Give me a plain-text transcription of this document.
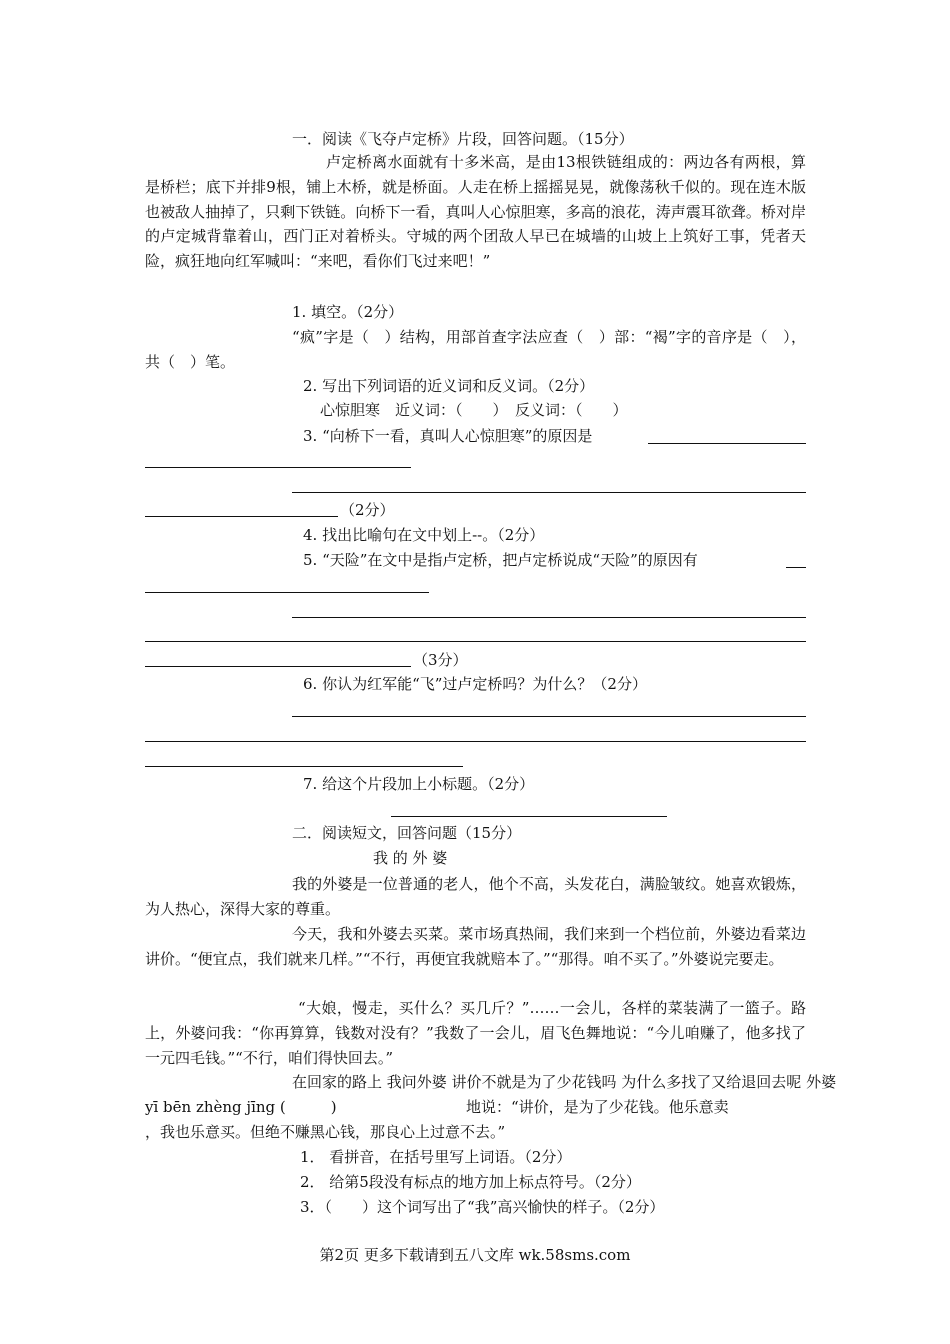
一．阅读《飞夺卢定桥》片段，回答问题。（15分）
卢定桥离水面就有十多米高，是由13根铁链组成的：两边各有两根，算是桥栏；底下并排9根，铺上木桥，就是桥面。人走在桥上摇摇晃晃，就像荡秋千似的。现在连木版也被敌人抽掉了，只剩下铁链。向桥下一看，真叫人心惊胆寒，多高的浪花，涛声震耳欲聋。桥对岸的卢定城背靠着山，西门正对着桥头。守城的两个团敌人早已在城墙的山坡上上筑好工事，凭者天险，疯狂地向红军喊叫：“来吧，看你们飞过来吧！”
1. 填空。（2分）
“疯”字是（　）结构，用部首查字法应查（　）部：“褐”字的音序是（　），共（　）笔。
2. 写出下列词语的近义词和反义词。（2分）
心惊胆寒　近义词：（　　）　反义词：（　　）
3. “向桥下一看，真叫人心惊胆寒”的原因是
（2分）
4. 找出比喻句在文中划上--。（2分）
5. “天险”在文中是指卢定桥，把卢定桥说成“天险”的原因有
（3分）
6. 你认为红军能“飞”过卢定桥吗？为什么？（2分）
7. 给这个片段加上小标题。（2分）
二．阅读短文，回答问题（15分）
我 的 外 婆
我的外婆是一位普通的老人，他个不高，头发花白，满脸皱纹。她喜欢锻炼，为人热心，深得大家的尊重。
今天，我和外婆去买菜。菜市场真热闹，我们来到一个档位前，外婆边看菜边讲价。“便宜点，我们就来几样。”“不行，再便宜我就赔本了。”“那得。咱不买了。”外婆说完要走。
“大娘，慢走，买什么？买几斤？”……一会儿，各样的菜装满了一篮子。路上，外婆问我：“你再算算，钱数对没有？”我数了一会儿，眉飞色舞地说：“今儿咱赚了，他多找了一元四毛钱。”“不行，咱们得快回去。”
在回家的路上 我问外婆 讲价不就是为了少花钱吗 为什么多找了又给退回去呢 外婆
yī bēn zhèng jīng (　　　)	地说：“讲价，是为了少花钱。他乐意卖
1． 看拼音，在括号里写上词语。（2分）
2． 给第5段没有标点的地方加上标点符号。（2分）
3．（　　）这个词写出了“我”高兴愉快的样子。（2分）
第2页 更多下载请到五八文库 wk.58sms.com
，我也乐意买。但绝不赚黑心钱，那良心上过意不去。”
